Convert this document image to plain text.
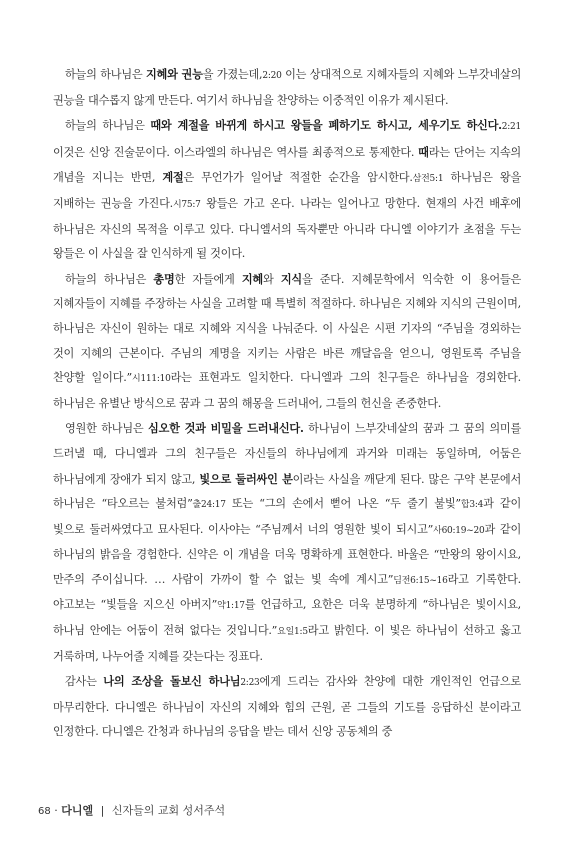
하늘의 하나님은 지혜와 권능을 가졌는데,2:20 이는 상대적으로 지혜자들의 지혜와 느부갓네살의 권능을 대수롭지 않게 만든다. 여기서 하나님을 찬양하는 이중적인 이유가 제시된다.

하늘의 하나님은 때와 계절을 바뀌게 하시고 왕들을 폐하기도 하시고, 세우기도 하신다.2:21 이것은 신앙 진술문이다. 이스라엘의 하나님은 역사를 최종적으로 통제한다. 때라는 단어는 지속의 개념을 지니는 반면, 계절은 무언가가 일어날 적절한 순간을 암시한다.삼전5:1 하나님은 왕을 지배하는 권능을 가진다.시75:7 왕들은 가고 온다. 나라는 일어나고 망한다. 현재의 사건 배후에 하나님은 자신의 목적을 이루고 있다. 다니엘서의 독자뿐만 아니라 다니엘 이야기가 초점을 두는 왕들은 이 사실을 잘 인식하게 될 것이다.

하늘의 하나님은 총명한 자들에게 지혜와 지식을 준다. 지혜문학에서 익숙한 이 용어들은 지혜자들이 지혜를 주장하는 사실을 고려할 때 특별히 적절하다. 하나님은 지혜와 지식의 근원이며, 하나님은 자신이 원하는 대로 지혜와 지식을 나눠준다. 이 사실은 시편 기자의 “주님을 경외하는 것이 지혜의 근본이다. 주님의 계명을 지키는 사람은 바른 깨달음을 얻으니, 영원토록 주님을 찬양할 일이다.”시111:10라는 표현과도 일치한다. 다니엘과 그의 친구들은 하나님을 경외한다. 하나님은 유별난 방식으로 꿈과 그 꿈의 해몽을 드러내어, 그들의 헌신을 존중한다.

영원한 하나님은 심오한 것과 비밀을 드러내신다. 하나님이 느부갓네살의 꿈과 그 꿈의 의미를 드러낼 때, 다니엘과 그의 친구들은 자신들의 하나님에게 과거와 미래는 동일하며, 어둠은 하나님에게 장애가 되지 않고, 빛으로 둘러싸인 분이라는 사실을 깨닫게 된다. 많은 구약 본문에서 하나님은 “타오르는 불처럼”출24:17 또는 “그의 손에서 뻗어 나온 “두 줄기 불빛”합3:4과 같이 빛으로 둘러싸였다고 묘사된다. 이사야는 “주님께서 너의 영원한 빛이 되시고”사60:19~20과 같이 하나님의 밝음을 경험한다. 신약은 이 개념을 더욱 명확하게 표현한다. 바울은 “만왕의 왕이시요, 만주의 주이십니다. … 사람이 가까이 할 수 없는 빛 속에 계시고”딤전6:15~16라고 기록한다. 야고보는 “빛들을 지으신 아버지”약1:17를 언급하고, 요한은 더욱 분명하게 “하나님은 빛이시요, 하나님 안에는 어둠이 전혀 없다는 것입니다.”요일1:5라고 밝힌다. 이 빛은 하나님이 선하고 옳고 거룩하며, 나누어줄 지혜를 갖는다는 징표다.

감사는 나의 조상을 돌보신 하나님2:23에게 드리는 감사와 찬양에 대한 개인적인 언급으로 마무리한다. 다니엘은 하나님이 자신의 지혜와 힘의 근원, 곧 그들의 기도를 응답하신 분이라고 인정한다. 다니엘은 간청과 하나님의 응답을 받는 데서 신앙 공동체의 중

68 · 다니엘 | 신자들의 교회 성서주석
